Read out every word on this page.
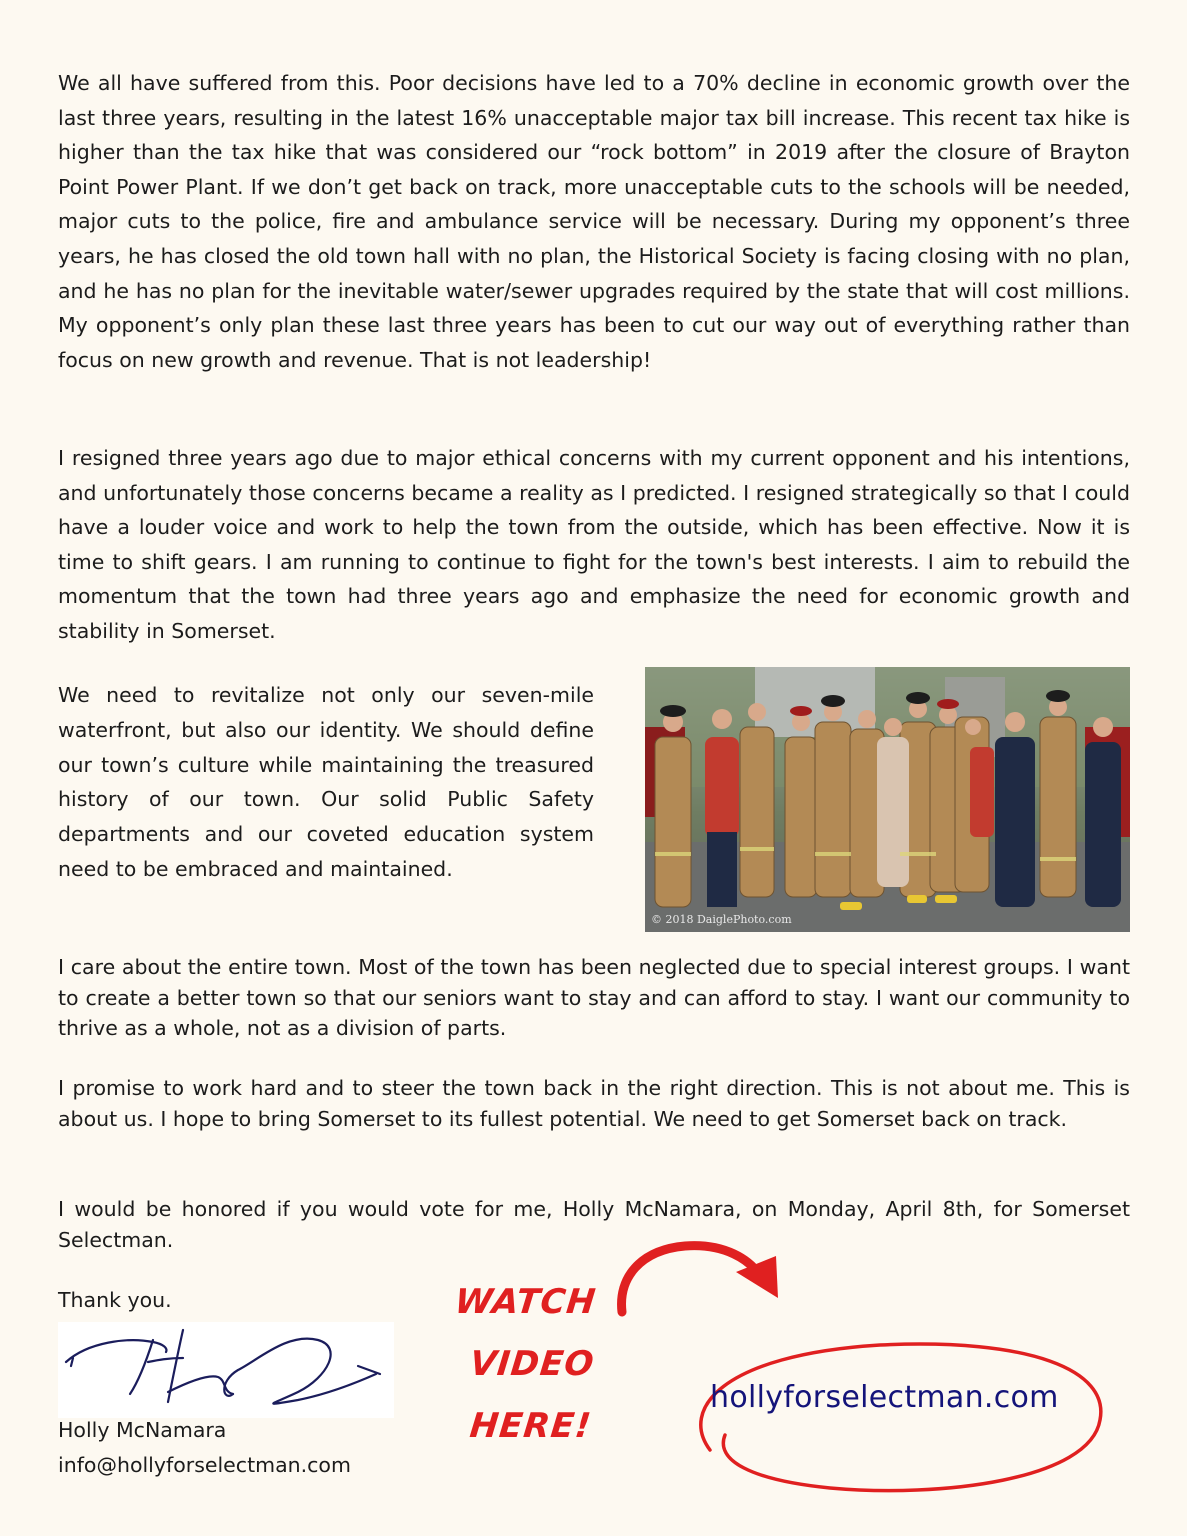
We all have suffered from this. Poor decisions have led to a 70% decline in economic growth over the last three years, resulting in the latest 16% unacceptable major tax bill increase. This recent tax hike is higher than the tax hike that was considered our “rock bottom” in 2019 after the closure of Brayton Point Power Plant. If we don’t get back on track, more unacceptable cuts to the schools will be needed, major cuts to the police, fire and ambulance service will be necessary. During my opponent’s three years, he has closed the old town hall with no plan, the Historical Society is facing closing with no plan, and he has no plan for the inevitable water/sewer upgrades required by the state that will cost millions. My opponent’s only plan these last three years has been to cut our way out of everything rather than focus on new growth and revenue. That is not leadership!

I resigned three years ago due to major ethical concerns with my current opponent and his intentions, and unfortunately those concerns became a reality as I predicted. I resigned strategically so that I could have a louder voice and work to help the town from the outside, which has been effective. Now it is time to shift gears. I am running to continue to fight for the town's best interests. I aim to rebuild the momentum that the town had three years ago and emphasize the need for economic growth and stability in Somerset.

We need to revitalize not only our seven-mile waterfront, but also our identity. We should define our town’s culture while maintaining the treasured history of our town. Our solid Public Safety departments and our coveted education system need to be embraced and maintained.

© 2018 DaiglePhoto.com

I care about the entire town. Most of the town has been neglected due to special interest groups. I want to create a better town so that our seniors want to stay and can afford to stay. I want our community to thrive as a whole, not as a division of parts.

I promise to work hard and to steer the town back in the right direction. This is not about me. This is about us. I hope to bring Somerset to its fullest potential. We need to get Somerset back on track.

I would be honored if you would vote for me, Holly McNamara, on Monday, April 8th, for Somerset Selectman.

Thank you.
Holly McNamara
info@hollyforselectman.com
WATCH
VIDEO
HERE!
hollyforselectman.com
